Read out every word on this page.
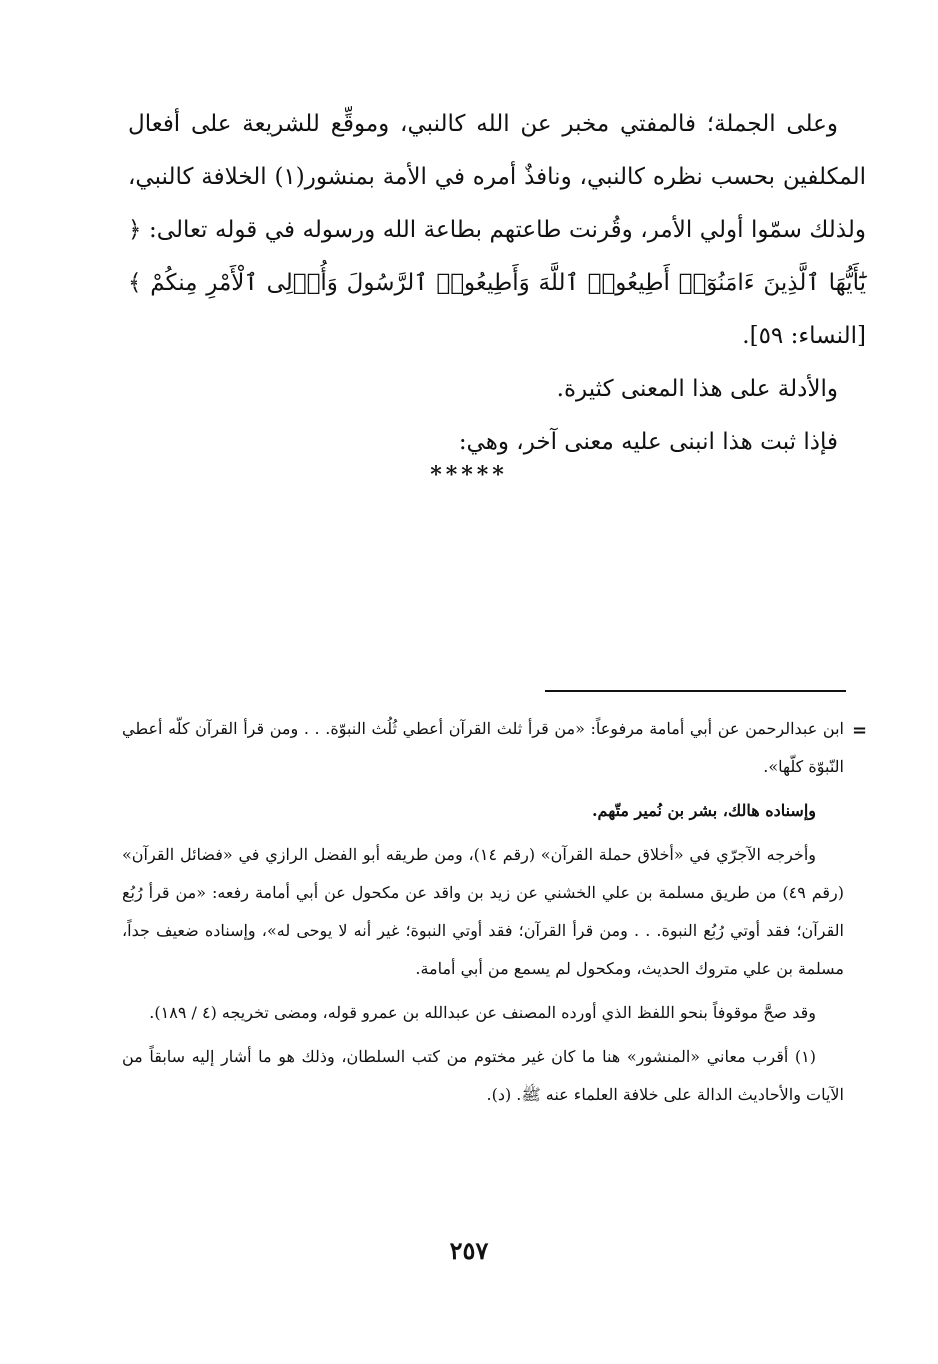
وعلى الجملة؛ فالمفتي مخبر عن الله كالنبي، وموقِّع للشريعة على أفعال المكلفين بحسب نظره كالنبي، ونافذٌ أمره في الأمة بمنشور(١) الخلافة كالنبي، ولذلك سمّوا أولي الأمر، وقُرنت طاعتهم بطاعة الله ورسوله في قوله تعالى: ﴿ يَٰٓأَيُّهَا ٱلَّذِينَ ءَامَنُوٓا۟ أَطِيعُوا۟ ٱللَّهَ وَأَطِيعُوا۟ ٱلرَّسُولَ وَأُو۟لِى ٱلْأَمْرِ مِنكُمْ ﴾ [النساء: ٥٩].

والأدلة على هذا المعنى كثيرة.

فإذا ثبت هذا انبنى عليه معنى آخر، وهي:

*****
=

ابن عبدالرحمن عن أبي أمامة مرفوعاً: «من قرأ ثلث القرآن أعطي ثُلُث النبوّة. . . ومن قرأ القرآن كلّه أعطي النّبوّة كلّها».

وإسناده هالك، بشر بن نُمير متّهم.

وأخرجه الآجرّي في «أخلاق حملة القرآن» (رقم ١٤)، ومن طريقه أبو الفضل الرازي في «فضائل القرآن» (رقم ٤٩) من طريق مسلمة بن علي الخشني عن زيد بن واقد عن مكحول عن أبي أمامة رفعه: «من قرأ رُبُع القرآن؛ فقد أوتي رُبُع النبوة. . . ومن قرأ القرآن؛ فقد أوتي النبوة؛ غير أنه لا يوحى له»، وإسناده ضعيف جداً، مسلمة بن علي متروك الحديث، ومكحول لم يسمع من أبي أمامة.

وقد صحَّ موقوفاً بنحو اللفظ الذي أورده المصنف عن عبدالله بن عمرو قوله، ومضى تخريجه (٤ / ١٨٩).

(١) أقرب معاني «المنشور» هنا ما كان غير مختوم من كتب السلطان، وذلك هو ما أشار إليه سابقاً من الآيات والأحاديث الدالة على خلافة العلماء عنه ﷺ. (د).

٢٥٧
